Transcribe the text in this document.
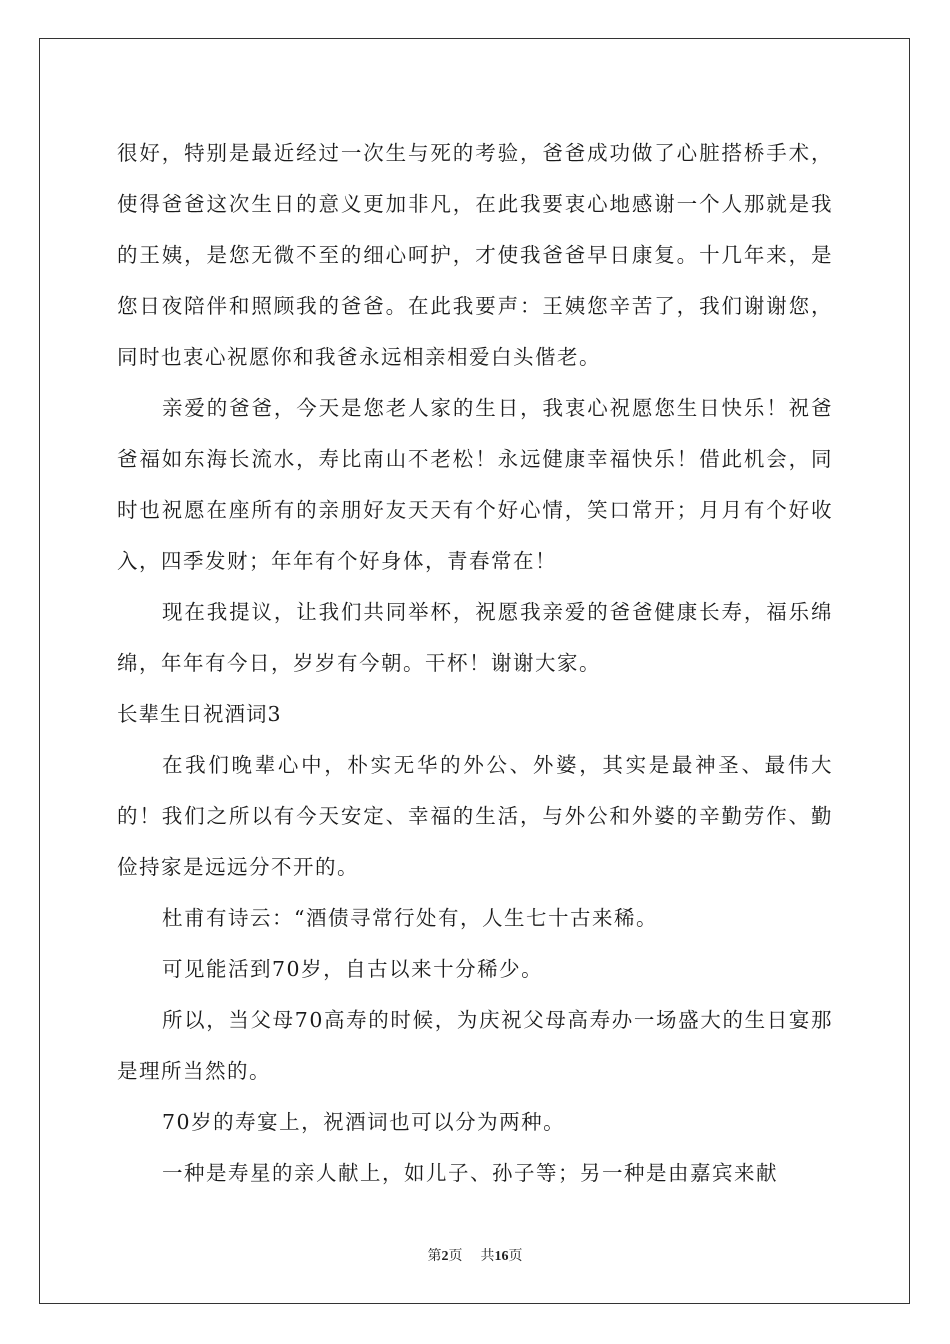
很好，特别是最近经过一次生与死的考验，爸爸成功做了心脏搭桥手术，使得爸爸这次生日的意义更加非凡，在此我要衷心地感谢一个人那就是我的王姨，是您无微不至的细心呵护，才使我爸爸早日康复。十几年来，是您日夜陪伴和照顾我的爸爸。在此我要声：王姨您辛苦了，我们谢谢您，同时也衷心祝愿你和我爸永远相亲相爱白头偕老。

亲爱的爸爸，今天是您老人家的生日，我衷心祝愿您生日快乐！祝爸爸福如东海长流水，寿比南山不老松！永远健康幸福快乐！借此机会，同时也祝愿在座所有的亲朋好友天天有个好心情，笑口常开；月月有个好收入，四季发财；年年有个好身体，青春常在！

现在我提议，让我们共同举杯，祝愿我亲爱的爸爸健康长寿，福乐绵绵，年年有今日，岁岁有今朝。干杯！谢谢大家。

长辈生日祝酒词3

在我们晚辈心中，朴实无华的外公、外婆，其实是最神圣、最伟大的！我们之所以有今天安定、幸福的生活，与外公和外婆的辛勤劳作、勤俭持家是远远分不开的。

杜甫有诗云：“酒债寻常行处有，人生七十古来稀。

可见能活到70岁，自古以来十分稀少。

所以，当父母70高寿的时候，为庆祝父母高寿办一场盛大的生日宴那是理所当然的。

70岁的寿宴上，祝酒词也可以分为两种。

一种是寿星的亲人献上，如儿子、孙子等；另一种是由嘉宾来献

第2页 共16页
